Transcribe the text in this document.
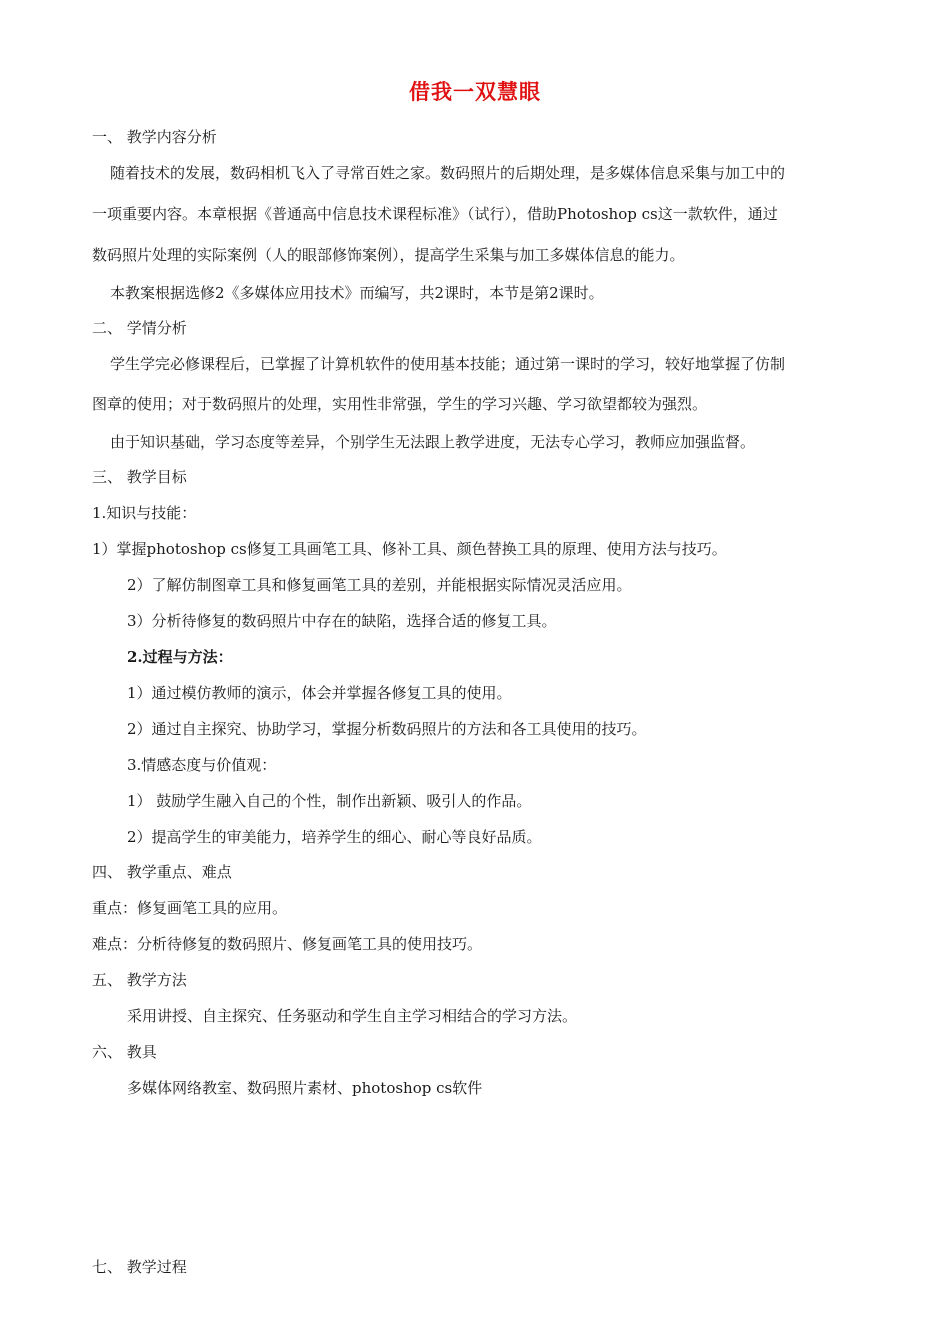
借我一双慧眼
一、 教学内容分析
随着技术的发展，数码相机飞入了寻常百姓之家。数码照片的后期处理，是多媒体信息采集与加工中的
一项重要内容。本章根据《普通高中信息技术课程标准》（试行），借助Photoshop cs这一款软件，通过
数码照片处理的实际案例（人的眼部修饰案例），提高学生采集与加工多媒体信息的能力。
本教案根据选修2《多媒体应用技术》而编写，共2课时，本节是第2课时。
二、 学情分析
学生学完必修课程后，已掌握了计算机软件的使用基本技能；通过第一课时的学习，较好地掌握了仿制
图章的使用；对于数码照片的处理，实用性非常强，学生的学习兴趣、学习欲望都较为强烈。
由于知识基础，学习态度等差异，个别学生无法跟上教学进度，无法专心学习，教师应加强监督。
三、 教学目标
1.知识与技能：
1）掌握photoshop cs修复工具画笔工具、修补工具、颜色替换工具的原理、使用方法与技巧。
2）了解仿制图章工具和修复画笔工具的差别，并能根据实际情况灵活应用。
3）分析待修复的数码照片中存在的缺陷，选择合适的修复工具。
2.过程与方法：
1）通过模仿教师的演示，体会并掌握各修复工具的使用。
2）通过自主探究、协助学习，掌握分析数码照片的方法和各工具使用的技巧。
3.情感态度与价值观：
1） 鼓励学生融入自己的个性，制作出新颖、吸引人的作品。
2）提高学生的审美能力，培养学生的细心、耐心等良好品质。
四、 教学重点、难点
重点：修复画笔工具的应用。
难点：分析待修复的数码照片、修复画笔工具的使用技巧。
五、 教学方法
采用讲授、自主探究、任务驱动和学生自主学习相结合的学习方法。
六、 教具
多媒体网络教室、数码照片素材、photoshop cs软件
七、 教学过程
